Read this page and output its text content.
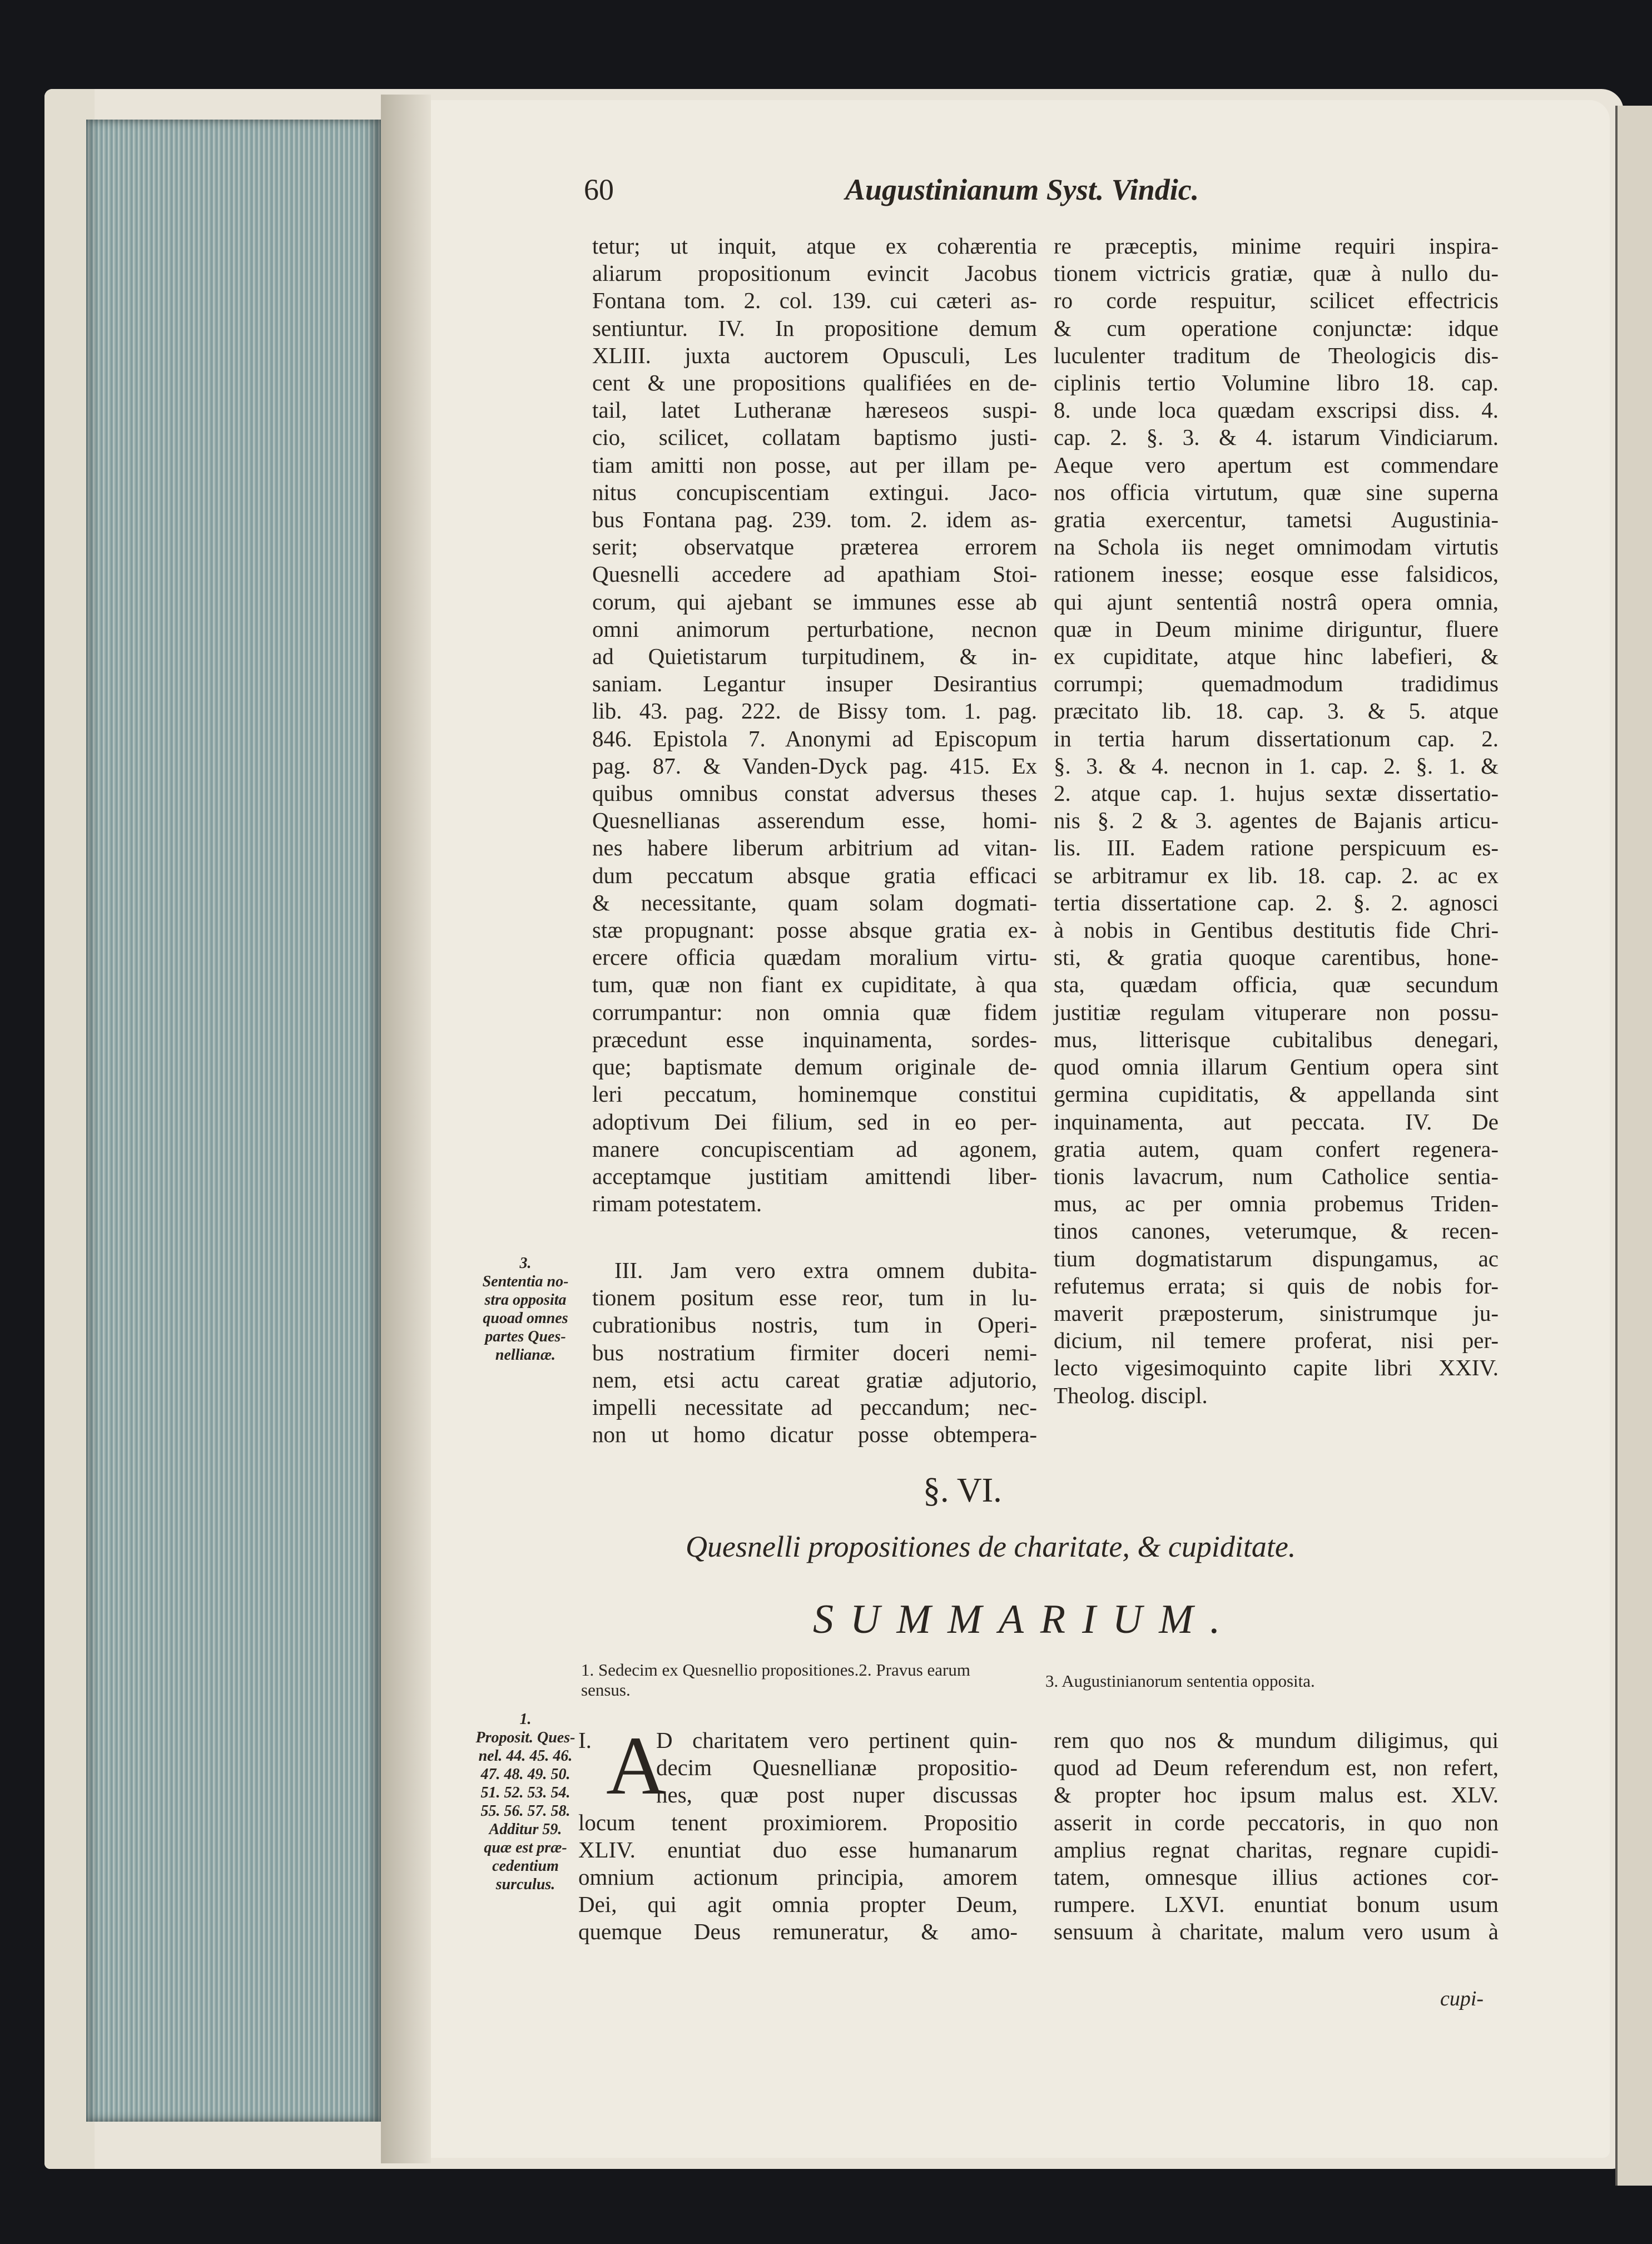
60	Augustinianum Syst. Vindic.
tetur; ut inquit, atque ex cohærentia
aliarum propositionum evincit Jacobus
Fontana tom. 2. col. 139. cui cæteri as-
sentiuntur. IV. In propositione demum
XLIII. juxta auctorem Opusculi, Les
cent & une propositions qualifiées en de-
tail, latet Lutheranæ hæreseos suspi-
cio, scilicet, collatam baptismo justi-
tiam amitti non posse, aut per illam pe-
nitus concupiscentiam extingui. Jaco-
bus Fontana pag. 239. tom. 2. idem as-
serit; observatque præterea errorem
Quesnelli accedere ad apathiam Stoi-
corum, qui ajebant se immunes esse ab
omni animorum perturbatione, necnon
ad Quietistarum turpitudinem, & in-
saniam. Legantur insuper Desirantius
lib. 43. pag. 222. de Bissy tom. 1. pag.
846. Epistola 7. Anonymi ad Episcopum
pag. 87. & Vanden-Dyck pag. 415. Ex
quibus omnibus constat adversus theses
Quesnellianas asserendum esse, homi-
nes habere liberum arbitrium ad vitan-
dum peccatum absque gratia efficaci
& necessitante, quam solam dogmati-
stæ propugnant: posse absque gratia ex-
ercere officia quædam moralium virtu-
tum, quæ non fiant ex cupiditate, à qua
corrumpantur: non omnia quæ fidem
præcedunt esse inquinamenta, sordes-
que; baptismate demum originale de-
leri peccatum, hominemque constitui
adoptivum Dei filium, sed in eo per-
manere concupiscentiam ad agonem,
acceptamque justitiam amittendi liber-
rimam potestatem.
re præceptis, minime requiri inspira-
tionem victricis gratiæ, quæ à nullo du-
ro corde respuitur, scilicet effectricis
& cum operatione conjunctæ: idque
luculenter traditum de Theologicis dis-
ciplinis tertio Volumine libro 18. cap.
8. unde loca quædam exscripsi diss. 4.
cap. 2. §. 3. & 4. istarum Vindiciarum.
Aeque vero apertum est commendare
nos officia virtutum, quæ sine superna
gratia exercentur, tametsi Augustinia-
na Schola iis neget omnimodam virtutis
rationem inesse; eosque esse falsidicos,
qui ajunt sententiâ nostrâ opera omnia,
quæ in Deum minime diriguntur, fluere
ex cupiditate, atque hinc labefieri, &
corrumpi; quemadmodum tradidimus
præcitato lib. 18. cap. 3. & 5. atque
in tertia harum dissertationum cap. 2.
§. 3. & 4. necnon in 1. cap. 2. §. 1. &
2. atque cap. 1. hujus sextæ dissertatio-
nis §. 2 & 3. agentes de Bajanis articu-
lis. III. Eadem ratione perspicuum es-
se arbitramur ex lib. 18. cap. 2. ac ex
tertia dissertatione cap. 2. §. 2. agnosci
à nobis in Gentibus destitutis fide Chri-
sti, & gratia quoque carentibus, hone-
sta, quædam officia, quæ secundum
justitiæ regulam vituperare non possu-
mus, litterisque cubitalibus denegari,
quod omnia illarum Gentium opera sint
germina cupiditatis, & appellanda sint
inquinamenta, aut peccata. IV. De
gratia autem, quam confert regenera-
tionis lavacrum, num Catholice sentia-
mus, ac per omnia probemus Triden-
tinos canones, veterumque, & recen-
tium dogmatistarum dispungamus, ac
refutemus errata; si quis de nobis for-
maverit præposterum, sinistrumque ju-
dicium, nil temere proferat, nisi per-
lecto vigesimoquinto capite libri XXIV.
Theolog. discipl.
III. Jam vero extra omnem dubita-
tionem positum esse reor, tum in lu-
cubrationibus nostris, tum in Operi-
bus nostratium firmiter doceri nemi-
nem, etsi actu careat gratiæ adjutorio,
impelli necessitate ad peccandum; nec-
non ut homo dicatur posse obtempera-
3.
Sententia no-
stra opposita
quoad omnes
partes Ques-
nellianæ.
§. VI.
Quesnelli propositiones de charitate, & cupiditate.
SUMMARIUM.
1. Sedecim ex Quesnellio propositiones.2. Pravus earum sensus.	3. Augustinianorum sententia opposita.
1.
Proposit. Ques-
nel. 44. 45. 46.
47. 48. 49. 50.
51. 52. 53. 54.
55. 56. 57. 58.
Additur 59.
quæ est præ-
cedentium
surculus.
A
I.	D charitatem vero pertinent quin-
decim Quesnellianæ propositio-
nes, quæ post nuper discussas
locum tenent proximiorem. Propositio
XLIV. enuntiat duo esse humanarum
omnium actionum principia, amorem
Dei, qui agit omnia propter Deum,
quemque Deus remuneratur, & amo-
rem quo nos & mundum diligimus, qui
quod ad Deum referendum est, non refert,
& propter hoc ipsum malus est. XLV.
asserit in corde peccatoris, in quo non
amplius regnat charitas, regnare cupidi-
tatem, omnesque illius actiones cor-
rumpere. LXVI. enuntiat bonum usum
sensuum à charitate, malum vero usum à
cupi-
